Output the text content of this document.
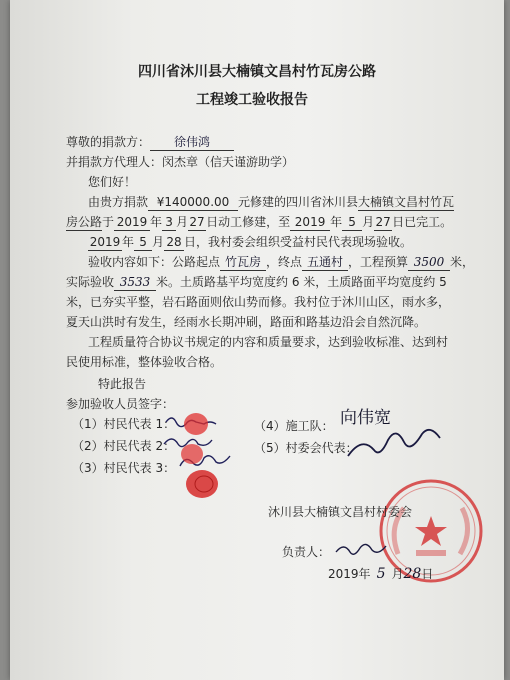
四川省沐川县大楠镇文昌村竹瓦房公路
工程竣工验收报告
尊敬的捐款方： 徐伟鸿
并捐款方代理人：闵杰章（信天谨游助学）
您们好！
由贵方捐款 ¥140000.00 元修建的四川省沐川县大楠镇文昌村竹瓦
房公路于 2019 年 3 月27日动工修建，至 2019 年 5 月27日已完工。
2019 年 5 月 28 日，我村委会组织受益村民代表现场验收。
验收内容如下：公路起点 竹瓦房 ，终点 五通村 ，工程预算 3500 米，
实际验收 3533 米。土质路基平均宽度约 6 米，土质路面平均宽度约 5
米，已夯实平整，岩石路面则依山势而修。我村位于沐川山区，雨水多，
夏天山洪时有发生，经雨水长期冲刷，路面和路基边沿会自然沉降。
工程质量符合协议书规定的内容和质量要求，达到验收标准、达到村
民使用标准，整体验收合格。
特此报告
参加验收人员签字：
（1）村民代表 1：
（2）村民代表 2：
（3）村民代表 3：
（4）施工队：
（5）村委会代表：
向伟宽
沐川县大楠镇文昌村村委会
负责人：
2019年 5 月28日
